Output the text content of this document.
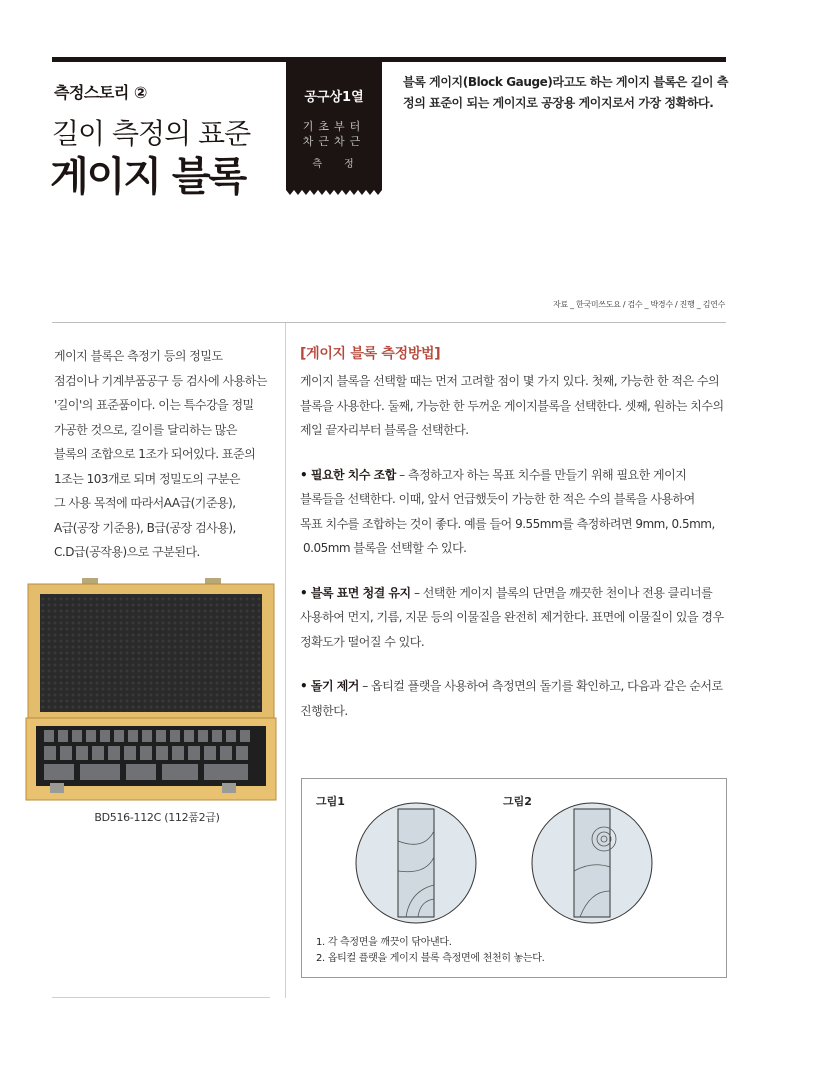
측정스토리 ②
길이 측정의 표준
게이지 블록
공구상1열
기초부터
차근차근
측정
블록 게이지(Block Gauge)라고도 하는 게이지 블록은 길이 측정의 표준이 되는 게이지로 공장용 게이지로서 가장 정확하다.
자료 _ 한국미쓰도요 / 검수 _ 박경수 / 진행 _ 김연수

게이지 블록은 측정기 등의 정밀도

점검이나 기계부품공구 등 검사에 사용하는

'길이'의 표준품이다. 이는 특수강을 정밀

가공한 것으로, 길이를 달리하는 많은

블록의 조합으로 1조가 되어있다. 표준의

1조는 103개로 되며 정밀도의 구분은

그 사용 목적에 따라서AA급(기준용),

A급(공장 기준용), B급(공장 검사용),

C.D급(공작용)으로 구분된다.

BD516-112C (112품2급)
[게이지 블록 측정방법]

게이지 블록을 선택할 때는 먼저 고려할 점이 몇 가지 있다. 첫째, 가능한 한 적은 수의

블록을 사용한다. 둘째, 가능한 한 두꺼운 게이지블록을 선택한다. 셋째, 원하는 치수의

제일 끝자리부터 블록을 선택한다.

• 필요한 치수 조합 – 측정하고자 하는 목표 치수를 만들기 위해 필요한 게이지

블록들을 선택한다. 이때, 앞서 언급했듯이 가능한 한 적은 수의 블록을 사용하여

목표 치수를 조합하는 것이 좋다. 예를 들어 9.55mm를 측정하려면 9mm, 0.5mm,

0.05mm 블록을 선택할 수 있다.

• 블록 표면 청결 유지 – 선택한 게이지 블록의 단면을 깨끗한 천이나 전용 클리너를

사용하여 먼지, 기름, 지문 등의 이물질을 완전히 제거한다. 표면에 이물질이 있을 경우

정확도가 떨어질 수 있다.

• 돌기 제거 – 옵티컬 플랫을 사용하여 측정면의 돌기를 확인하고, 다음과 같은 순서로

진행한다.

그림1	그림2
1. 각 측정면을 깨끗이 닦아낸다.
2. 옵티컬 플랫을 게이지 블록 측정면에 천천히 놓는다.
